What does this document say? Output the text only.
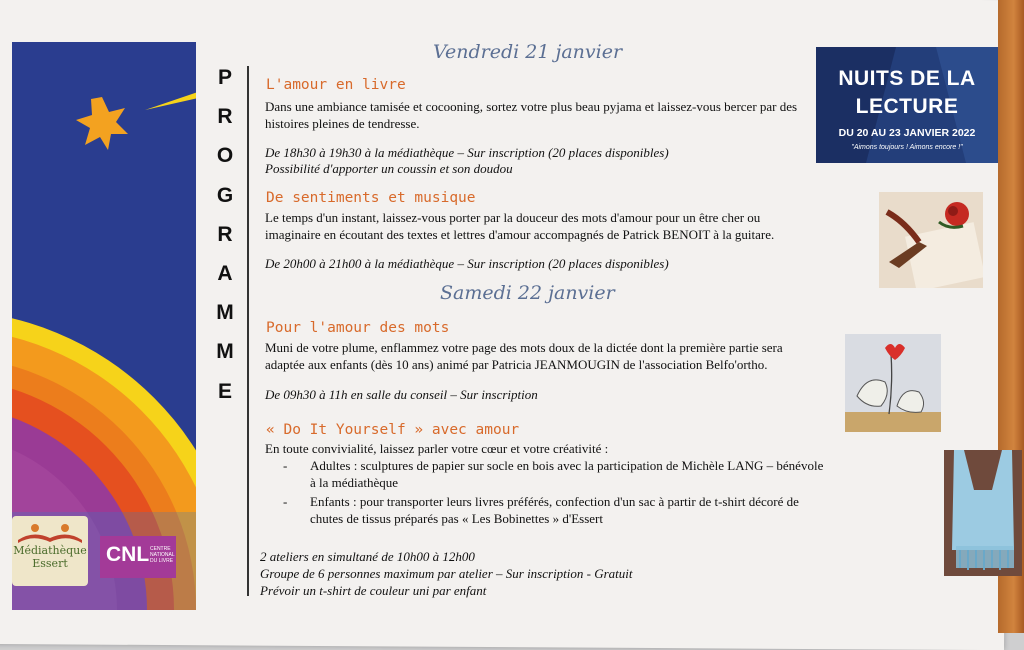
Médiathèque
Essert	CNL CENTRE
NATIONAL
DU LIVRE
P
R
O
G
R
A
M
M
E
Vendredi 21 janvier
L'amour en livre
Dans une ambiance tamisée et cocooning, sortez votre plus beau pyjama et laissez-vous bercer par des histoires pleines de tendresse.
De 18h30 à 19h30 à la médiathèque – Sur inscription (20 places disponibles)
Possibilité d'apporter un coussin et son doudou
De sentiments et musique
Le temps d'un instant, laissez-vous porter par la douceur des mots d'amour pour un être cher ou imaginaire en écoutant des textes et lettres d'amour accompagnés de Patrick BENOIT à la guitare.
De 20h00 à 21h00 à la médiathèque – Sur inscription (20 places disponibles)
Samedi 22 janvier
Pour l'amour des mots
Muni de votre plume, enflammez votre page des mots doux de la dictée dont la première partie sera adaptée aux enfants (dès 10 ans) animé par Patricia JEANMOUGIN de l'association Belfo'ortho.
De 09h30 à 11h en salle du conseil – Sur inscription
« Do It Yourself » avec amour
En toute convivialité, laissez parler votre cœur et votre créativité :
- Adultes : sculptures de papier sur socle en bois avec la participation de Michèle LANG – bénévole à la médiathèque
- Enfants : pour transporter leurs livres préférés, confection d'un sac à partir de t-shirt décoré de chutes de tissus préparés pas « Les Bobinettes » d'Essert
2 ateliers en simultané de 10h00 à 12h00
Groupe de 6 personnes maximum par atelier – Sur inscription - Gratuit
Prévoir un t-shirt de couleur uni par enfant
NUITS DE LA
LECTURE
DU 20 AU 23 JANVIER 2022
"Aimons toujours ! Aimons encore !"
